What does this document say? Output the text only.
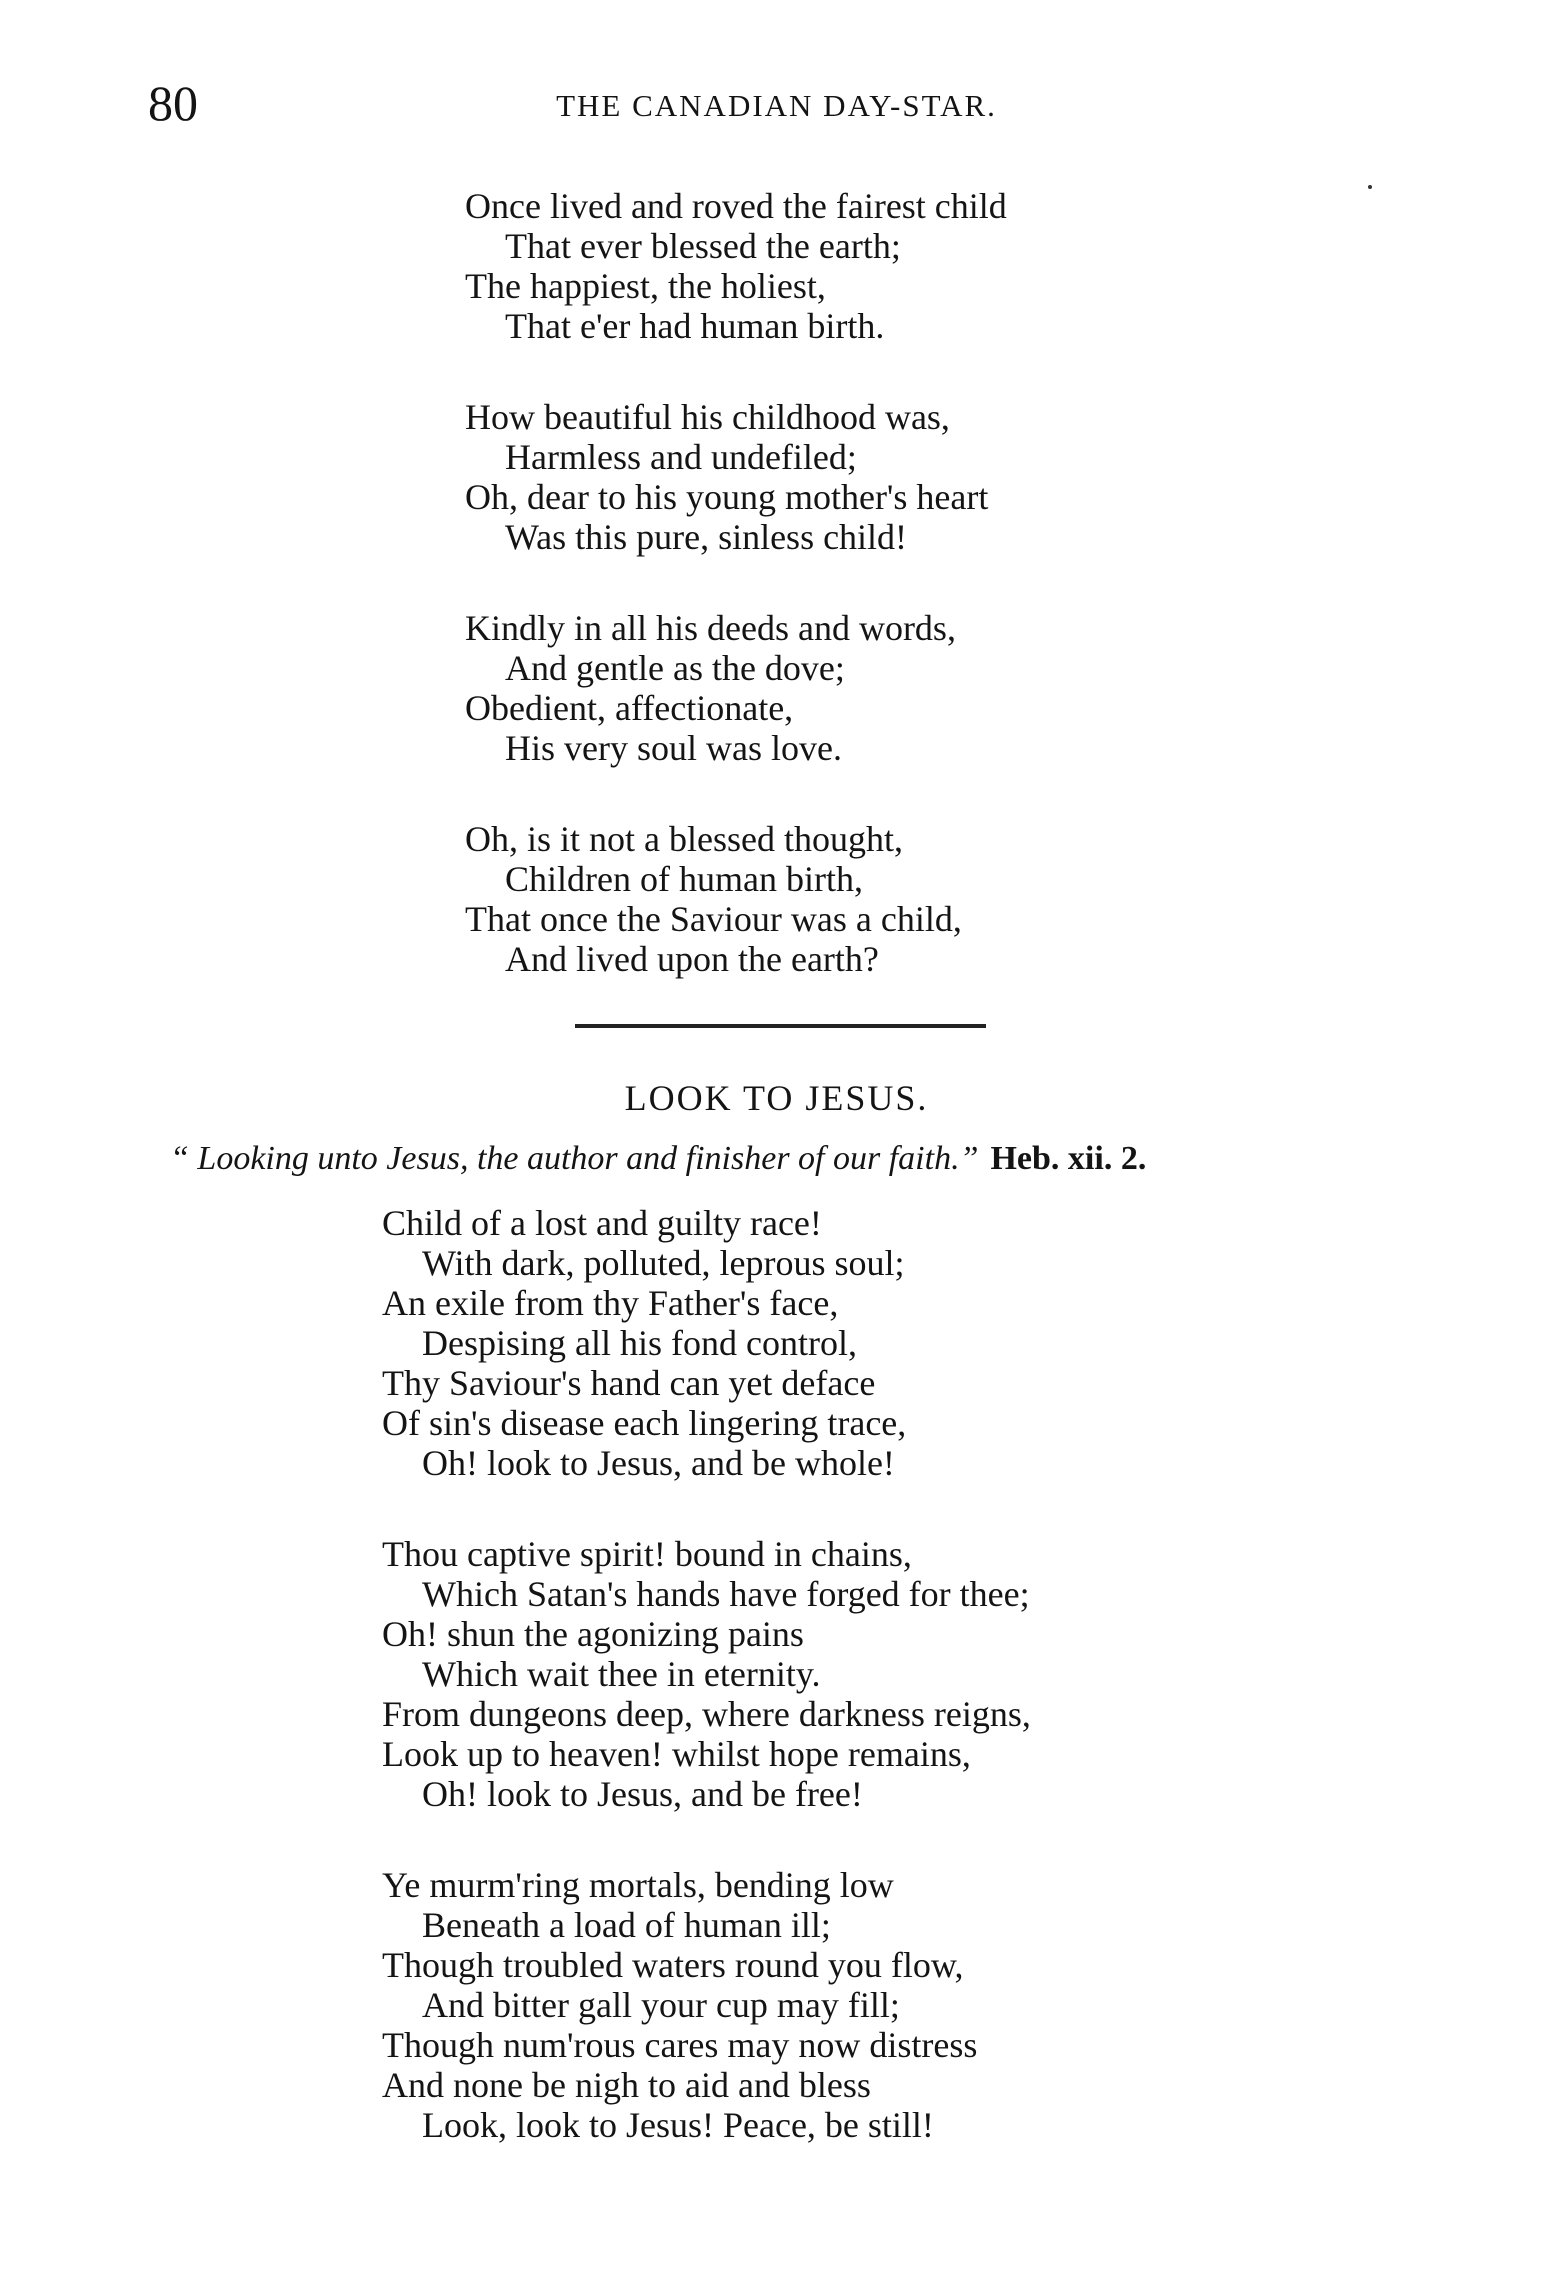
80	THE CANADIAN DAY-STAR.
Once lived and roved the fairest child
That ever blessed the earth;
The happiest, the holiest,
That e'er had human birth.
How beautiful his childhood was,
Harmless and undefiled;
Oh, dear to his young mother's heart
Was this pure, sinless child!
Kindly in all his deeds and words,
And gentle as the dove;
Obedient, affectionate,
His very soul was love.
Oh, is it not a blessed thought,
Children of human birth,
That once the Saviour was a child,
And lived upon the earth?
LOOK TO JESUS.
“ Looking unto Jesus, the author and finisher of our faith.” Heb. xii. 2.
Child of a lost and guilty race!
With dark, polluted, leprous soul;
An exile from thy Father's face,
Despising all his fond control,
Thy Saviour's hand can yet deface
Of sin's disease each lingering trace,
Oh! look to Jesus, and be whole!
Thou captive spirit! bound in chains,
Which Satan's hands have forged for thee;
Oh! shun the agonizing pains
Which wait thee in eternity.
From dungeons deep, where darkness reigns,
Look up to heaven! whilst hope remains,
Oh! look to Jesus, and be free!
Ye murm'ring mortals, bending low
Beneath a load of human ill;
Though troubled waters round you flow,
And bitter gall your cup may fill;
Though num'rous cares may now distress
And none be nigh to aid and bless
Look, look to Jesus! Peace, be still!
